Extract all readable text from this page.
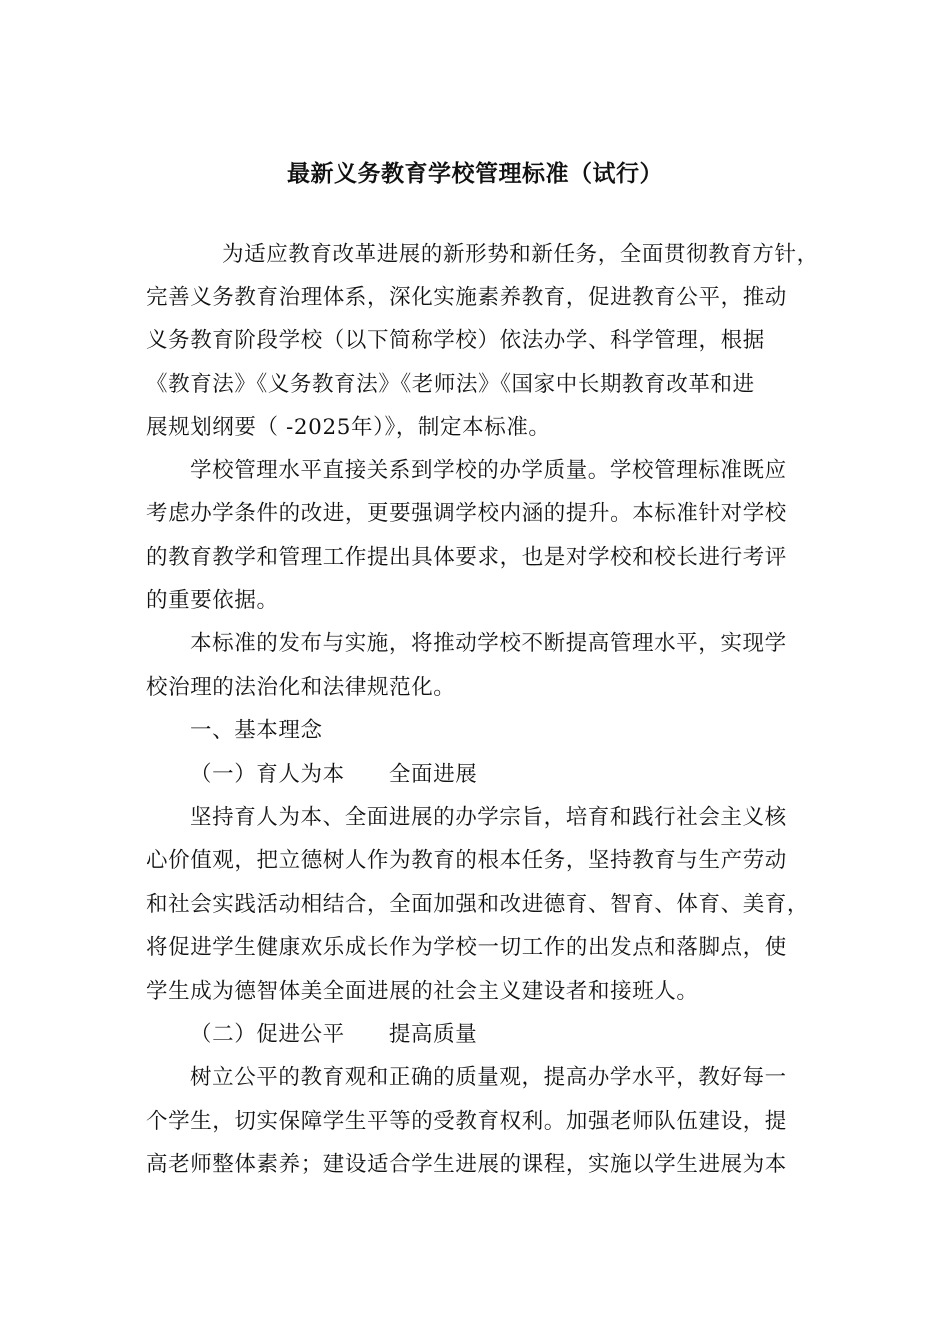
最新义务教育学校管理标准（试行）
为适应教育改革进展的新形势和新任务，全面贯彻教育方针，
完善义务教育治理体系，深化实施素养教育，促进教育公平，推动
义务教育阶段学校（以下简称学校）依法办学、科学管理，根据
《教育法》《义务教育法》《老师法》《国家中长期教育改革和进
展规划纲要（ -2025年）》，制定本标准。
学校管理水平直接关系到学校的办学质量。学校管理标准既应
考虑办学条件的改进，更要强调学校内涵的提升。本标准针对学校
的教育教学和管理工作提出具体要求，也是对学校和校长进行考评
的重要依据。
本标准的发布与实施，将推动学校不断提高管理水平，实现学
校治理的法治化和法律规范化。
一、基本理念
（一）育人为本　　全面进展
坚持育人为本、全面进展的办学宗旨，培育和践行社会主义核
心价值观，把立德树人作为教育的根本任务，坚持教育与生产劳动
和社会实践活动相结合，全面加强和改进德育、智育、体育、美育，
将促进学生健康欢乐成长作为学校一切工作的出发点和落脚点，使
学生成为德智体美全面进展的社会主义建设者和接班人。
（二）促进公平　　提高质量
树立公平的教育观和正确的质量观，提高办学水平，教好每一
个学生，切实保障学生平等的受教育权利。加强老师队伍建设，提
高老师整体素养；建设适合学生进展的课程，实施以学生进展为本
